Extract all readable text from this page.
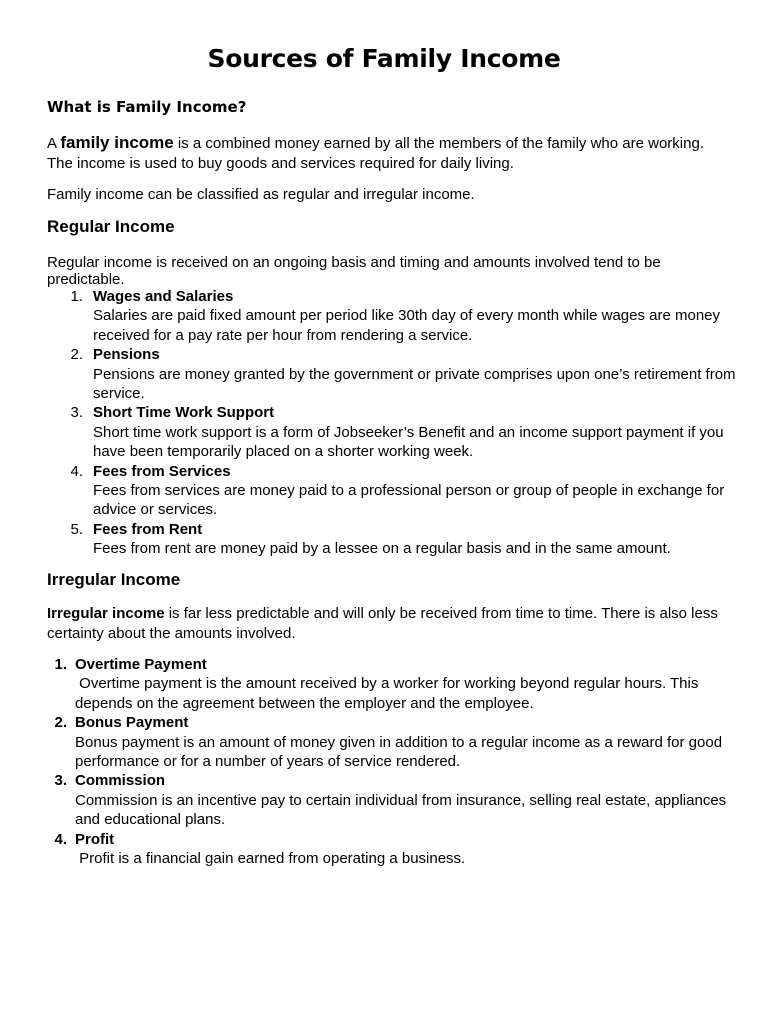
Sources of Family Income
What is Family Income?
A family income is a combined money earned by all the members of the family who are working. The income is used to buy goods and services required for daily living.
Family income can be classified as regular and irregular income.
Regular Income
Regular income is received on an ongoing basis and timing and amounts involved tend to be predictable.
1. Wages and Salaries
Salaries are paid fixed amount per period like 30th day of every month while wages are money received for a pay rate per hour from rendering a service.
2. Pensions
Pensions are money granted by the government or private comprises upon one’s retirement from service.
3. Short Time Work Support
Short time work support is a form of Jobseeker’s Benefit and an income support payment if you have been temporarily placed on a shorter working week.
4. Fees from Services
Fees from services are money paid to a professional person or group of people in exchange for advice or services.
5. Fees from Rent
Fees from rent are money paid by a lessee on a regular basis and in the same amount.
Irregular Income
Irregular income is far less predictable and will only be received from time to time. There is also less certainty about the amounts involved.
1. Overtime Payment
Overtime payment is the amount received by a worker for working beyond regular hours. This depends on the agreement between the employer and the employee.
2. Bonus Payment
Bonus payment is an amount of money given in addition to a regular income as a reward for good performance or for a number of years of service rendered.
3. Commission
Commission is an incentive pay to certain individual from insurance, selling real estate, appliances and educational plans.
4. Profit
Profit is a financial gain earned from operating a business.
